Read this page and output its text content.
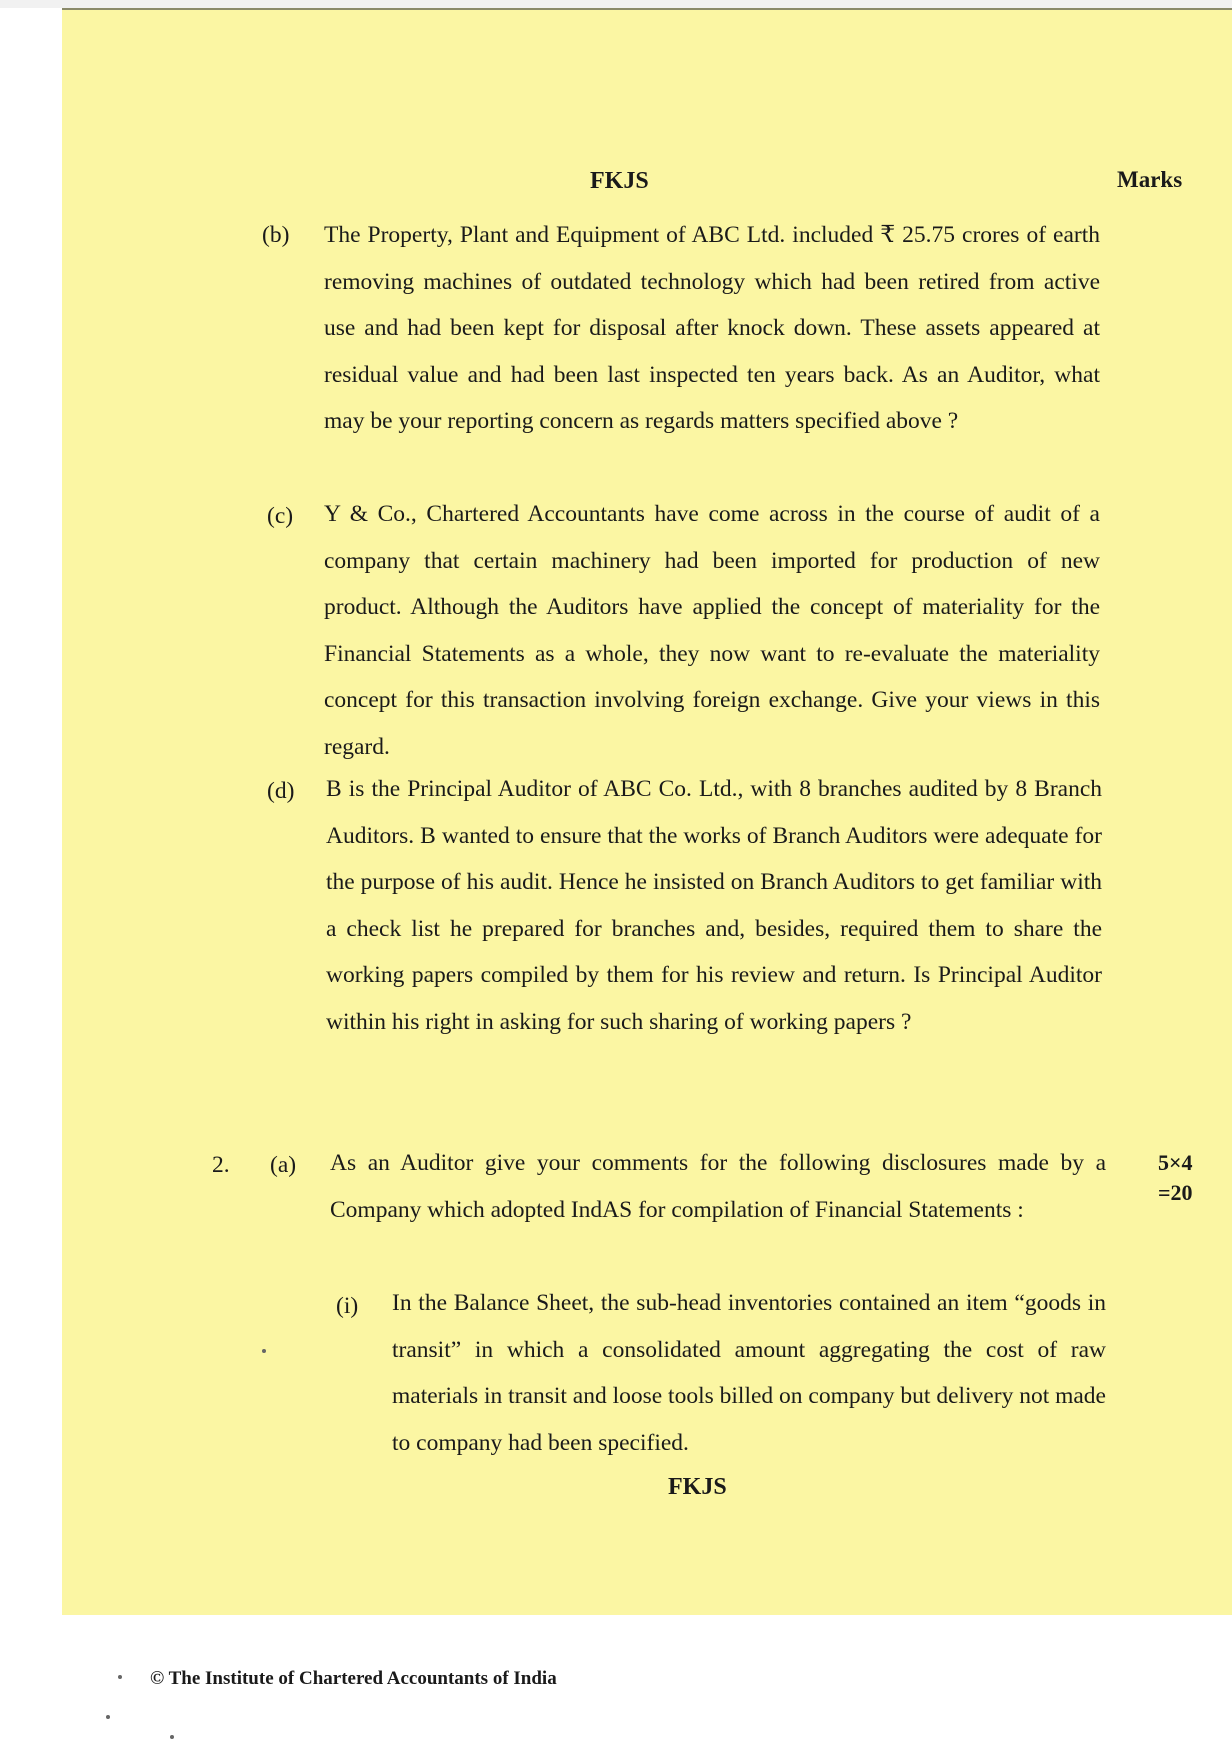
FKJS	Marks
(b) The Property, Plant and Equipment of ABC Ltd. included ₹ 25.75 crores of earth removing machines of outdated technology which had been retired from active use and had been kept for disposal after knock down. These assets appeared at residual value and had been last inspected ten years back. As an Auditor, what may be your reporting concern as regards matters specified above ?
(c) Y & Co., Chartered Accountants have come across in the course of audit of a company that certain machinery had been imported for production of new product. Although the Auditors have applied the concept of materiality for the Financial Statements as a whole, they now want to re-evaluate the materiality concept for this transaction involving foreign exchange. Give your views in this regard.
(d) B is the Principal Auditor of ABC Co. Ltd., with 8 branches audited by 8 Branch Auditors. B wanted to ensure that the works of Branch Auditors were adequate for the purpose of his audit. Hence he insisted on Branch Auditors to get familiar with a check list he prepared for branches and, besides, required them to share the working papers compiled by them for his review and return. Is Principal Auditor within his right in asking for such sharing of working papers ?
2. (a) As an Auditor give your comments for the following disclosures made by a Company which adopted IndAS for compilation of Financial Statements :
5×4
=20
(i) In the Balance Sheet, the sub-head inventories contained an item “goods in transit” in which a consolidated amount aggregating the cost of raw materials in transit and loose tools billed on company but delivery not made to company had been specified.
FKJS
© The Institute of Chartered Accountants of India
